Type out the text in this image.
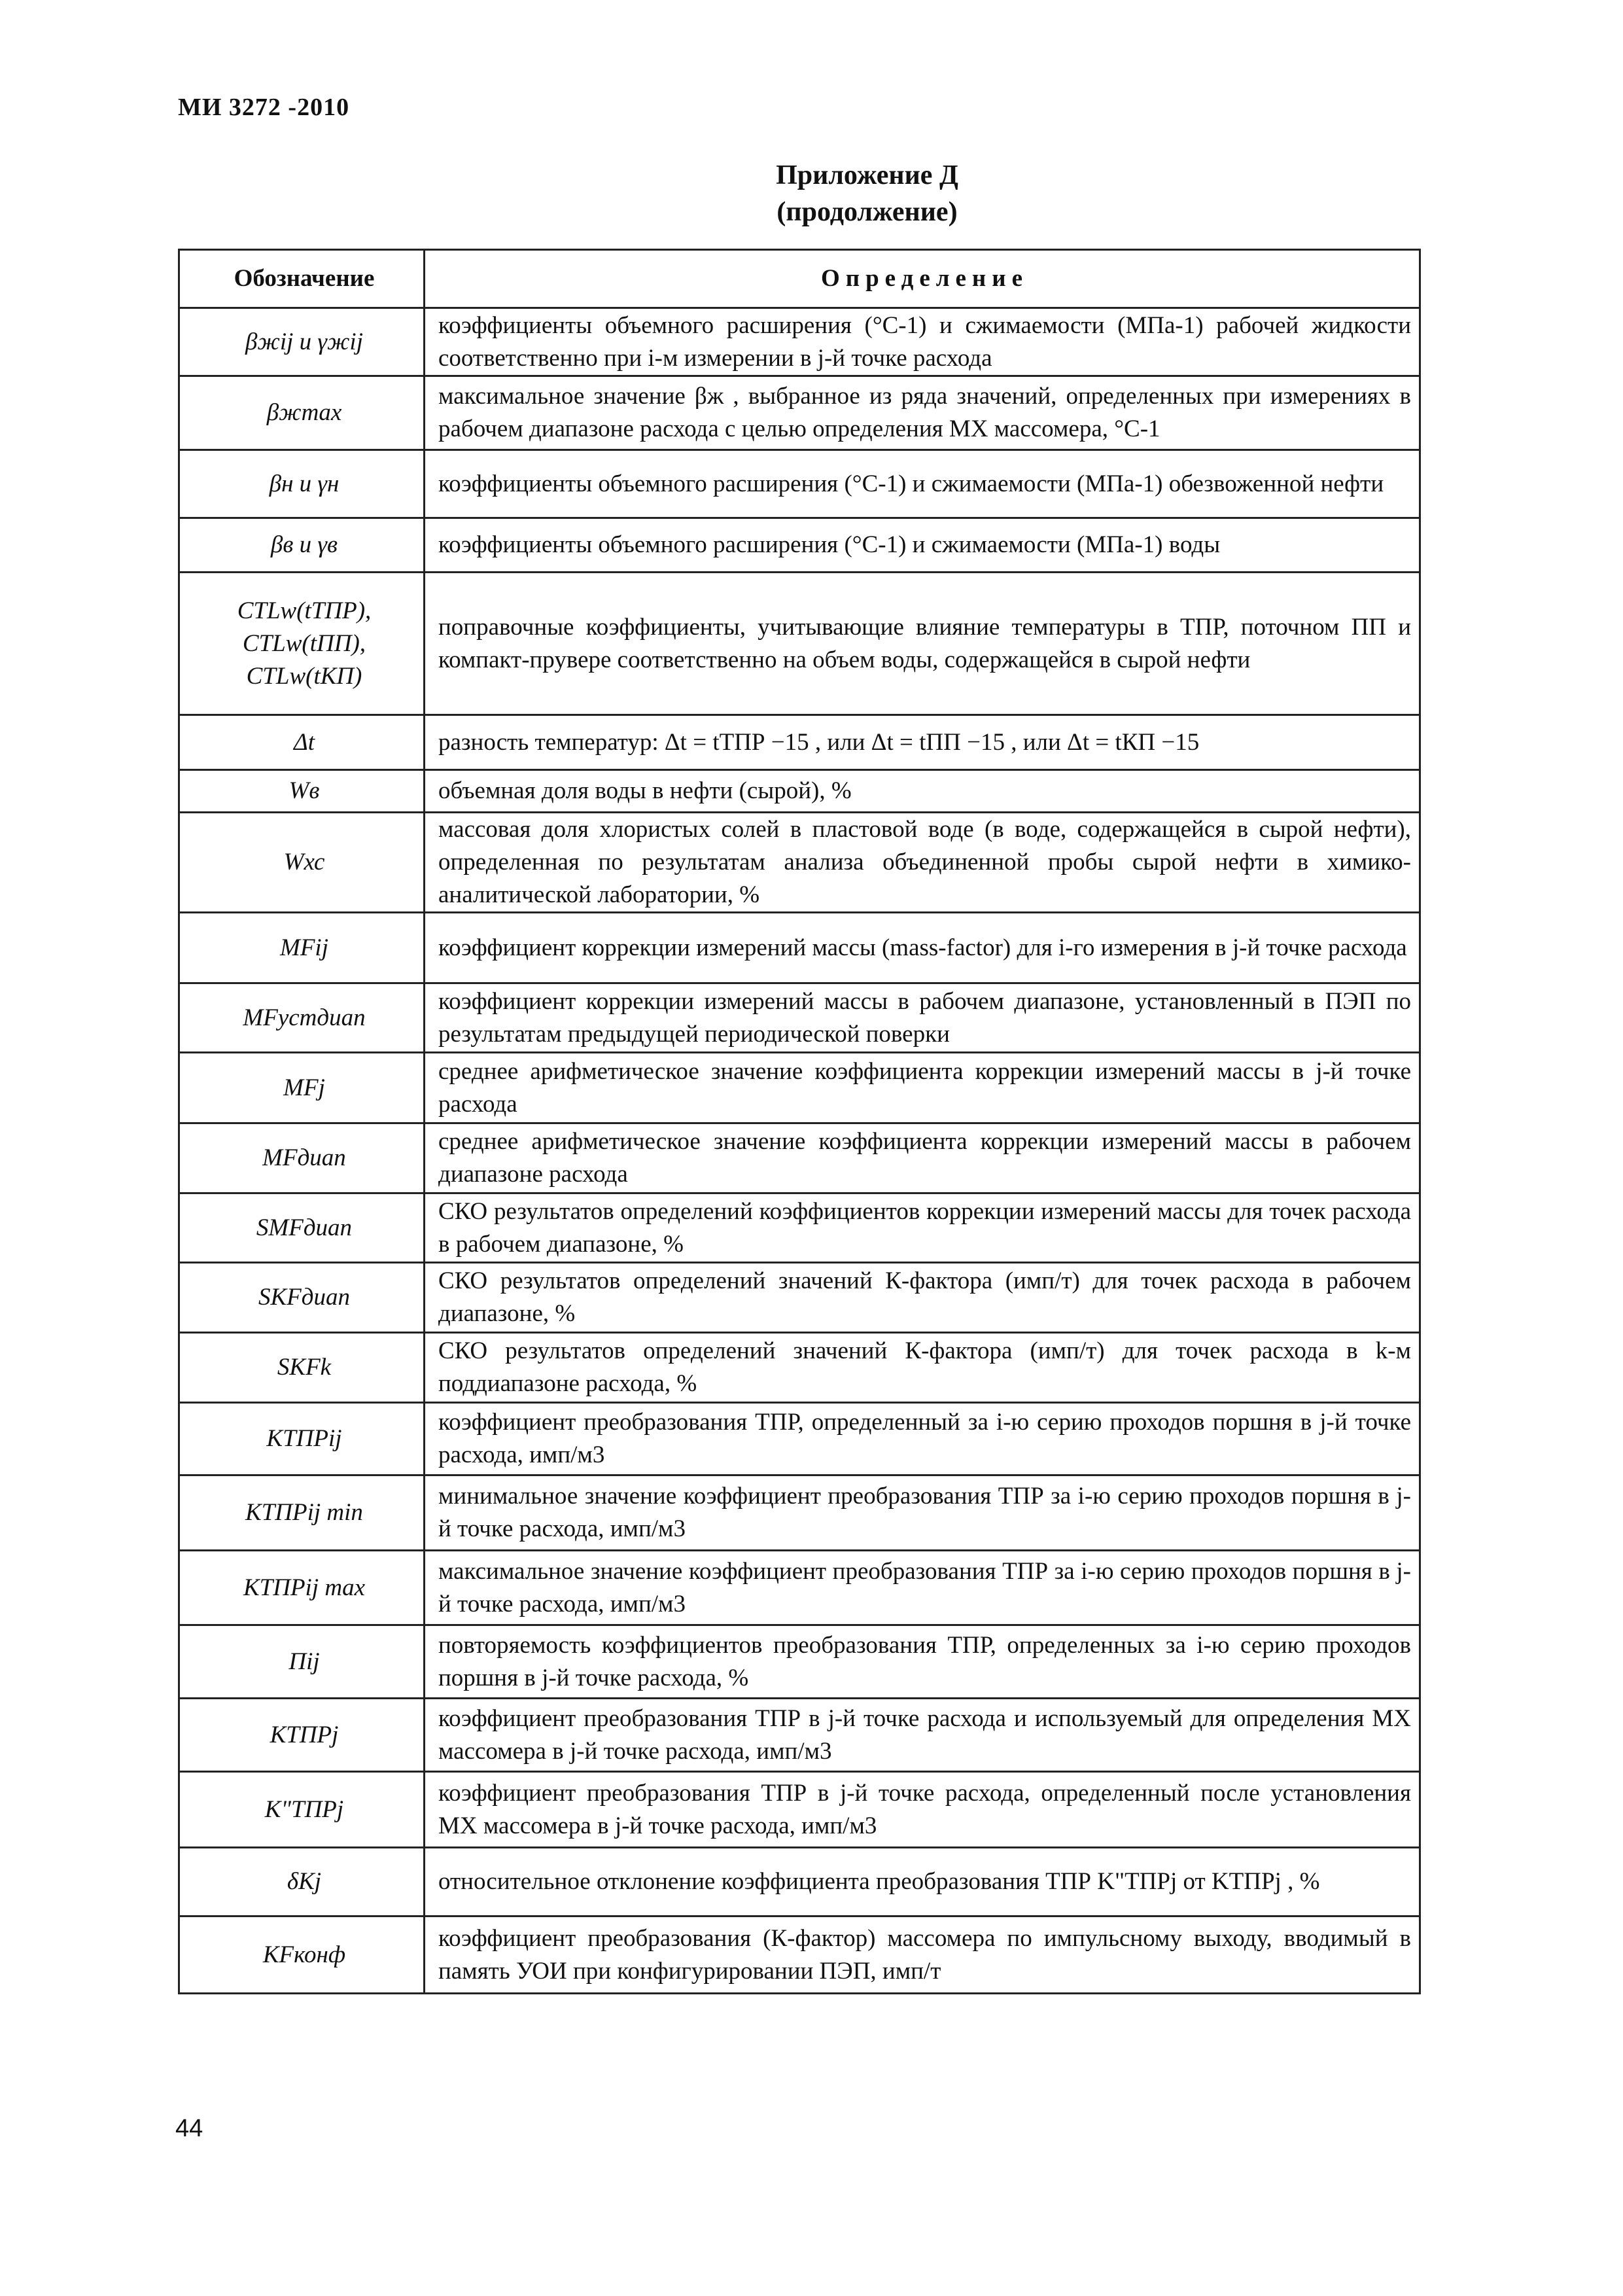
МИ 3272 -2010
Приложение Д
(продолжение)
Обозначение	Определение
βжij и γжij	коэффициенты объемного расширения (°С-1) и сжимаемости (МПа-1) рабочей жидкости соответственно при i-м измерении в j-й точке расхода
βжmax	максимальное значение βж , выбранное из ряда значений, определенных при измерениях в рабочем диапазоне расхода с целью определения МХ массомера, °С-1
βн и γн	коэффициенты объемного расширения (°С-1) и сжимаемости (МПа-1) обезвоженной нефти
βв и γв	коэффициенты объемного расширения (°С-1) и сжимаемости (МПа-1) воды
CTLw(tТПР), CTLw(tПП), CTLw(tКП)	поправочные коэффициенты, учитывающие влияние температуры в ТПР, поточном ПП и компакт-прувере соответственно на объем воды, содержащейся в сырой нефти
Δt	разность температур: Δt = tТПР −15 , или Δt = tПП −15 , или Δt = tКП −15
Wв	объемная доля воды в нефти (сырой), %
Wхс	массовая доля хлористых солей в пластовой воде (в воде, содержащейся в сырой нефти), определенная по результатам анализа объединенной пробы сырой нефти в химико-аналитической лаборатории, %
MFij	коэффициент коррекции измерений массы (mass-factor) для i-го измерения в j-й точке расхода
MFустдиап	коэффициент коррекции измерений массы в рабочем диапазоне, установленный в ПЭП по результатам предыдущей периодической поверки
MFj	среднее арифметическое значение коэффициента коррекции измерений массы в j-й точке расхода
MFдиап	среднее арифметическое значение коэффициента коррекции измерений массы в рабочем диапазоне расхода
SMFдиап	СКО результатов определений коэффициентов коррекции измерений массы для точек расхода в рабочем диапазоне, %
SKFдиап	СКО результатов определений значений К-фактора (имп/т) для точек расхода в рабочем диапазоне, %
SKFk	СКО результатов определений значений К-фактора (имп/т) для точек расхода в k-м поддиапазоне расхода, %
KТПРij	коэффициент преобразования ТПР, определенный за i-ю серию проходов поршня в j-й точке расхода, имп/м3
KТПРij min	минимальное значение коэффициент преобразования ТПР за i-ю серию проходов поршня в j-й точке расхода, имп/м3
KТПРij max	максимальное значение коэффициент преобразования ТПР за i-ю серию проходов поршня в j-й точке расхода, имп/м3
Пij	повторяемость коэффициентов преобразования ТПР, определенных за i-ю серию проходов поршня в j-й точке расхода, %
KТПРj	коэффициент преобразования ТПР в j-й точке расхода и используемый для определения МХ массомера в j-й точке расхода, имп/м3
K"ТПРj	коэффициент преобразования ТПР в j-й точке расхода, определенный после установления МХ массомера в j-й точке расхода, имп/м3
δKj	относительное отклонение коэффициента преобразования ТПР K"ТПРj от KТПРj , %
KFконф	коэффициент преобразования (К-фактор) массомера по импульсному выходу, вводимый в память УОИ при конфигурировании ПЭП, имп/т
44
